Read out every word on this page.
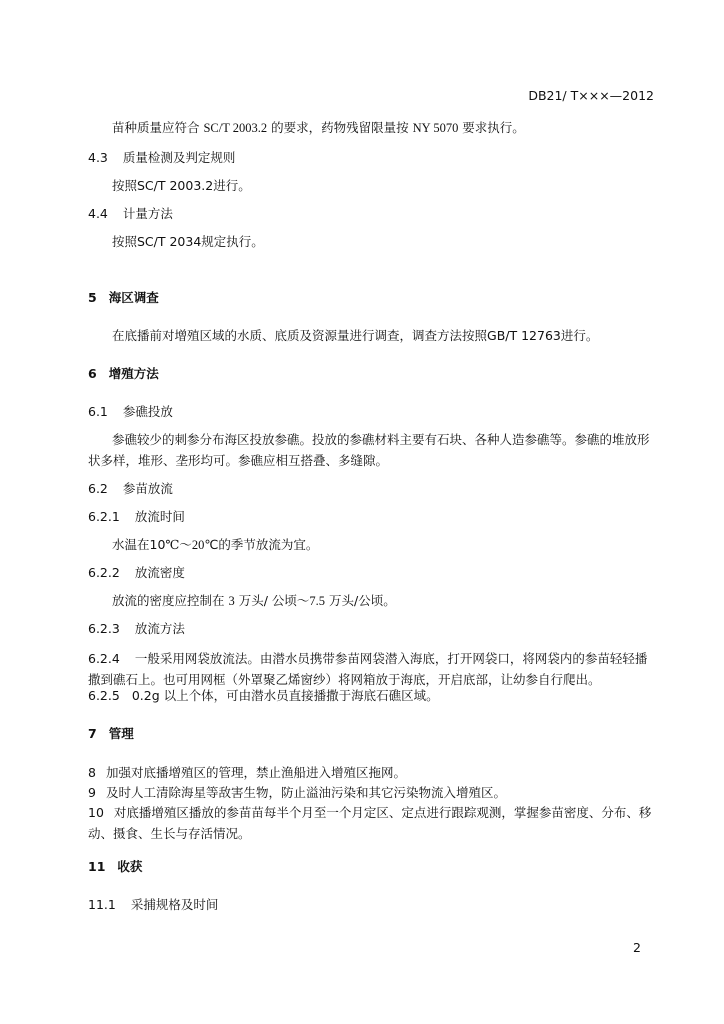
DB21/ T×××—2012
苗种质量应符合 SC/T 2003.2 的要求，药物残留限量按 NY 5070 要求执行。
4.3 质量检测及判定规则
按照SC/T 2003.2进行。
4.4 计量方法
按照SC/T 2034规定执行。
5 海区调查
在底播前对增殖区域的水质、底质及资源量进行调查，调查方法按照GB/T 12763进行。
6 增殖方法
6.1 参礁投放
参礁较少的刺参分布海区投放参礁。投放的参礁材料主要有石块、各种人造参礁等。参礁的堆放形
状多样，堆形、垄形均可。参礁应相互搭叠、多缝隙。
6.2 参苗放流
6.2.1 放流时间
水温在10℃～20℃的季节放流为宜。
6.2.2 放流密度
放流的密度应控制在 3 万头/ 公顷～7.5 万头/公顷。
6.2.3 放流方法
6.2.4 一般采用网袋放流法。由潜水员携带参苗网袋潜入海底，打开网袋口，将网袋内的参苗轻轻播
撒到礁石上。也可用网框（外罩聚乙烯窗纱）将网箱放于海底，开启底部，让幼参自行爬出。
6.2.5 0.2g 以上个体，可由潜水员直接播撒于海底石礁区域。
7 管理
8 加强对底播增殖区的管理，禁止渔船进入增殖区拖网。
9 及时人工清除海星等敌害生物，防止溢油污染和其它污染物流入增殖区。
10 对底播增殖区播放的参苗苗每半个月至一个月定区、定点进行跟踪观测，掌握参苗密度、分布、移
动、摄食、生长与存活情况。
11 收获
11.1 采捕规格及时间
2
